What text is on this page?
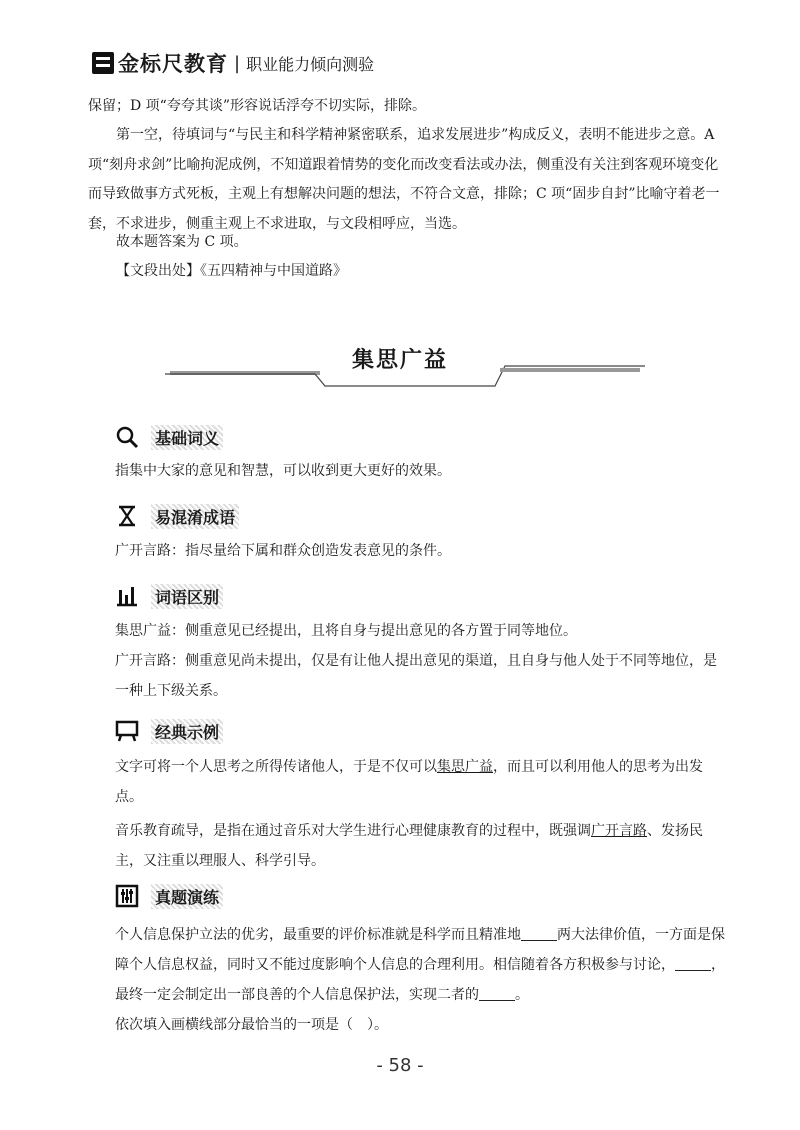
金标尺教育 | 职业能力倾向测验

保留；D 项“夸夸其谈”形容说话浮夸不切实际，排除。

第一空，待填词与“与民主和科学精神紧密联系，追求发展进步”构成反义，表明不能进步之意。A 项“刻舟求剑”比喻拘泥成例，不知道跟着情势的变化而改变看法或办法，侧重没有关注到客观环境变化而导致做事方式死板，主观上有想解决问题的想法，不符合文意，排除；C 项“固步自封”比喻守着老一套，不求进步，侧重主观上不求进取，与文段相呼应，当选。

故本题答案为 C 项。

【文段出处】《五四精神与中国道路》

集思广益
基础词义

指集中大家的意见和智慧，可以收到更大更好的效果。

易混淆成语

广开言路：指尽量给下属和群众创造发表意见的条件。

词语区别

集思广益：侧重意见已经提出，且将自身与提出意见的各方置于同等地位。

广开言路：侧重意见尚未提出，仅是有让他人提出意见的渠道，且自身与他人处于不同等地位，是一种上下级关系。

经典示例

文字可将一个人思考之所得传诸他人，于是不仅可以集思广益，而且可以利用他人的思考为出发点。

音乐教育疏导，是指在通过音乐对大学生进行心理健康教育的过程中，既强调广开言路、发扬民主，又注重以理服人、科学引导。

真题演练

个人信息保护立法的优劣，最重要的评价标准就是科学而且精准地	两大法律价值，一方面是保障个人信息权益，同时又不能过度影响个人信息的合理利用。相信随着各方积极参与讨论，	，最终一定会制定出一部良善的个人信息保护法，实现二者的	。

依次填入画横线部分最恰当的一项是（　）。

- 58 -
